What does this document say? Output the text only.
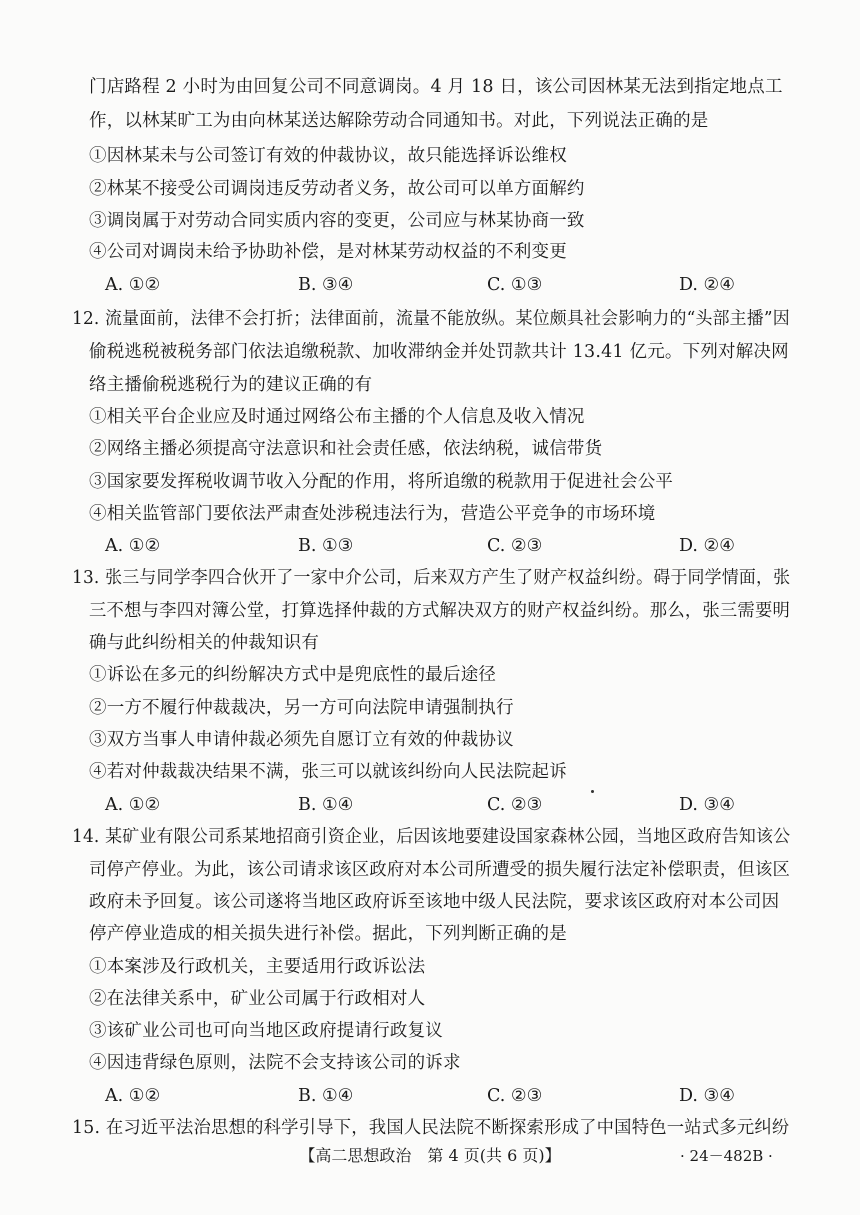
门店路程 2 小时为由回复公司不同意调岗。4 月 18 日，该公司因林某无法到指定地点工
作，以林某旷工为由向林某送达解除劳动合同通知书。对此，下列说法正确的是
①因林某未与公司签订有效的仲裁协议，故只能选择诉讼维权
②林某不接受公司调岗违反劳动者义务，故公司可以单方面解约
③调岗属于对劳动合同实质内容的变更，公司应与林某协商一致
④公司对调岗未给予协助补偿，是对林某劳动权益的不利变更
A. ①②	B. ③④	C. ①③	D. ②④
12. 流量面前，法律不会打折；法律面前，流量不能放纵。某位颇具社会影响力的“头部主播”因
偷税逃税被税务部门依法追缴税款、加收滞纳金并处罚款共计 13.41 亿元。下列对解决网
络主播偷税逃税行为的建议正确的有
①相关平台企业应及时通过网络公布主播的个人信息及收入情况
②网络主播必须提高守法意识和社会责任感，依法纳税，诚信带货
③国家要发挥税收调节收入分配的作用，将所追缴的税款用于促进社会公平
④相关监管部门要依法严肃查处涉税违法行为，营造公平竞争的市场环境
A. ①②	B. ①③	C. ②③	D. ②④
13. 张三与同学李四合伙开了一家中介公司，后来双方产生了财产权益纠纷。碍于同学情面，张
三不想与李四对簿公堂，打算选择仲裁的方式解决双方的财产权益纠纷。那么，张三需要明
确与此纠纷相关的仲裁知识有
①诉讼在多元的纠纷解决方式中是兜底性的最后途径
②一方不履行仲裁裁决，另一方可向法院申请强制执行
③双方当事人申请仲裁必须先自愿订立有效的仲裁协议
④若对仲裁裁决结果不满，张三可以就该纠纷向人民法院起诉
A. ①②	B. ①④	C. ②③	D. ③④
14. 某矿业有限公司系某地招商引资企业，后因该地要建设国家森林公园，当地区政府告知该公
司停产停业。为此，该公司请求该区政府对本公司所遭受的损失履行法定补偿职责，但该区
政府未予回复。该公司遂将当地区政府诉至该地中级人民法院，要求该区政府对本公司因
停产停业造成的相关损失进行补偿。据此，下列判断正确的是
①本案涉及行政机关，主要适用行政诉讼法
②在法律关系中，矿业公司属于行政相对人
③该矿业公司也可向当地区政府提请行政复议
④因违背绿色原则，法院不会支持该公司的诉求
A. ①②	B. ①④	C. ②③	D. ③④
15. 在习近平法治思想的科学引导下，我国人民法院不断探索形成了中国特色一站式多元纠纷
【高二思想政治　第 4 页(共 6 页)】	· 24－482B ·
